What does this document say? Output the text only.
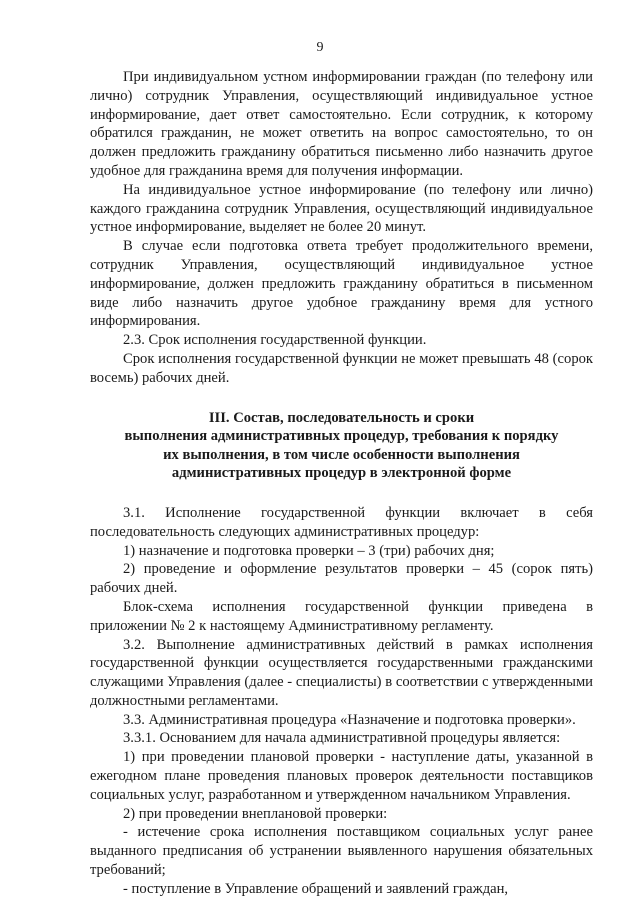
9

При индивидуальном устном информировании граждан (по телефону или лично) сотрудник Управления, осуществляющий индивидуальное устное информирование, дает ответ самостоятельно. Если сотрудник, к которому обратился гражданин, не может ответить на вопрос самостоятельно, то он должен предложить гражданину обратиться письменно либо назначить другое удобное для гражданина время для получения информации.

На индивидуальное устное информирование (по телефону или лично) каждого гражданина сотрудник Управления, осуществляющий индивидуальное устное информирование, выделяет не более 20 минут.

В случае если подготовка ответа требует продолжительного времени, сотрудник Управления, осуществляющий индивидуальное устное информирование, должен предложить гражданину обратиться в письменном виде либо назначить другое удобное гражданину время для устного информирования.

2.3. Срок исполнения государственной функции.

Срок исполнения государственной функции не может превышать 48 (сорок восемь) рабочих дней.

III. Состав, последовательность и сроки
выполнения административных процедур, требования к порядку
их выполнения, в том числе особенности выполнения
административных процедур в электронной форме

3.1. Исполнение государственной функции включает в себя последовательность следующих административных процедур:

1) назначение и подготовка проверки – 3 (три) рабочих дня;

2) проведение и оформление результатов проверки – 45 (сорок пять) рабочих дней.

Блок-схема исполнения государственной функции приведена в приложении № 2 к настоящему Административному регламенту.

3.2. Выполнение административных действий в рамках исполнения государственной функции осуществляется государственными гражданскими служащими Управления (далее - специалисты) в соответствии с утвержденными должностными регламентами.

3.3. Административная процедура «Назначение и подготовка проверки».

3.3.1. Основанием для начала административной процедуры является:

1) при проведении плановой проверки - наступление даты, указанной в ежегодном плане проведения плановых проверок деятельности поставщиков социальных услуг, разработанном и утвержденном начальником Управления.

2) при проведении внеплановой проверки:

- истечение срока исполнения поставщиком социальных услуг ранее выданного предписания об устранении выявленного нарушения обязательных требований;

- поступление в Управление обращений и заявлений граждан,
